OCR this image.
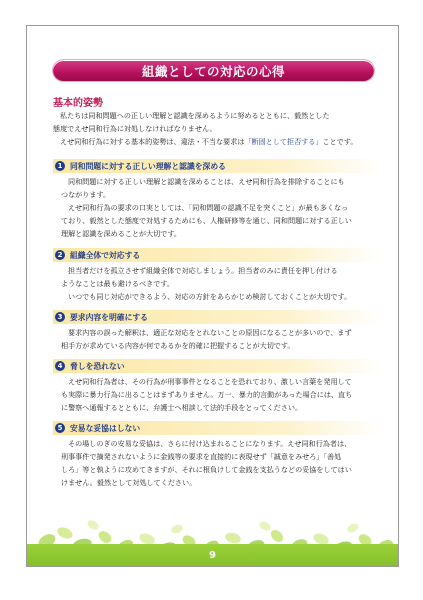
組織としての対応の心得
基本的姿勢
私たちは同和問題への正しい理解と認識を深めるように努めるとともに、毅然とした
態度でえせ同和行為に対処しなければなりません。
えせ同和行為に対する基本的姿勢は、違法・不当な要求は「断固として拒否する」ことです。
1 同和問題に対する正しい理解と認識を深める
同和問題に対する正しい理解と認識を深めることは、えせ同和行為を排除することにも
つながります。
えせ同和行為の要求の口実としては、「同和問題の認識不足を突くこと」が最も多くなっ
ており、毅然とした態度で対処するためにも、人権研修等を通じ、同和問題に対する正しい
理解と認識を深めることが大切です。
2 組織全体で対応する
担当者だけを孤立させず組織全体で対応しましょう。担当者のみに責任を押し付ける
ようなことは最も避けるべきです。
いつでも同じ対応ができるよう、対応の方針をあらかじめ検討しておくことが大切です。
3 要求内容を明確にする
要求内容の誤った解釈は、適正な対応をとれないことの原因になることが多いので、まず
相手方が求めている内容が何であるかを的確に把握することが大切です。
4 脅しを恐れない
えせ同和行為者は、その行為が刑事事件となることを恐れており、激しい言葉を発用して
も実際に暴力行為に出ることはまずありません。万一、暴力的言動があった場合には、直ち
に警察へ通報するとともに、弁護士へ相談して法的手段をとってください。
5 安易な妥協はしない
その場しのぎの安易な妥協は、さらに付け込まれることになります。えせ同和行為者は、
刑事事件で摘発されないように金銭等の要求を直接的に表現せず「誠意をみせろ」「善処
しろ」等と執ように攻めてきますが、それに根負けして金銭を支払うなどの妥協をしてはい
けません。毅然として対処してください。
9
